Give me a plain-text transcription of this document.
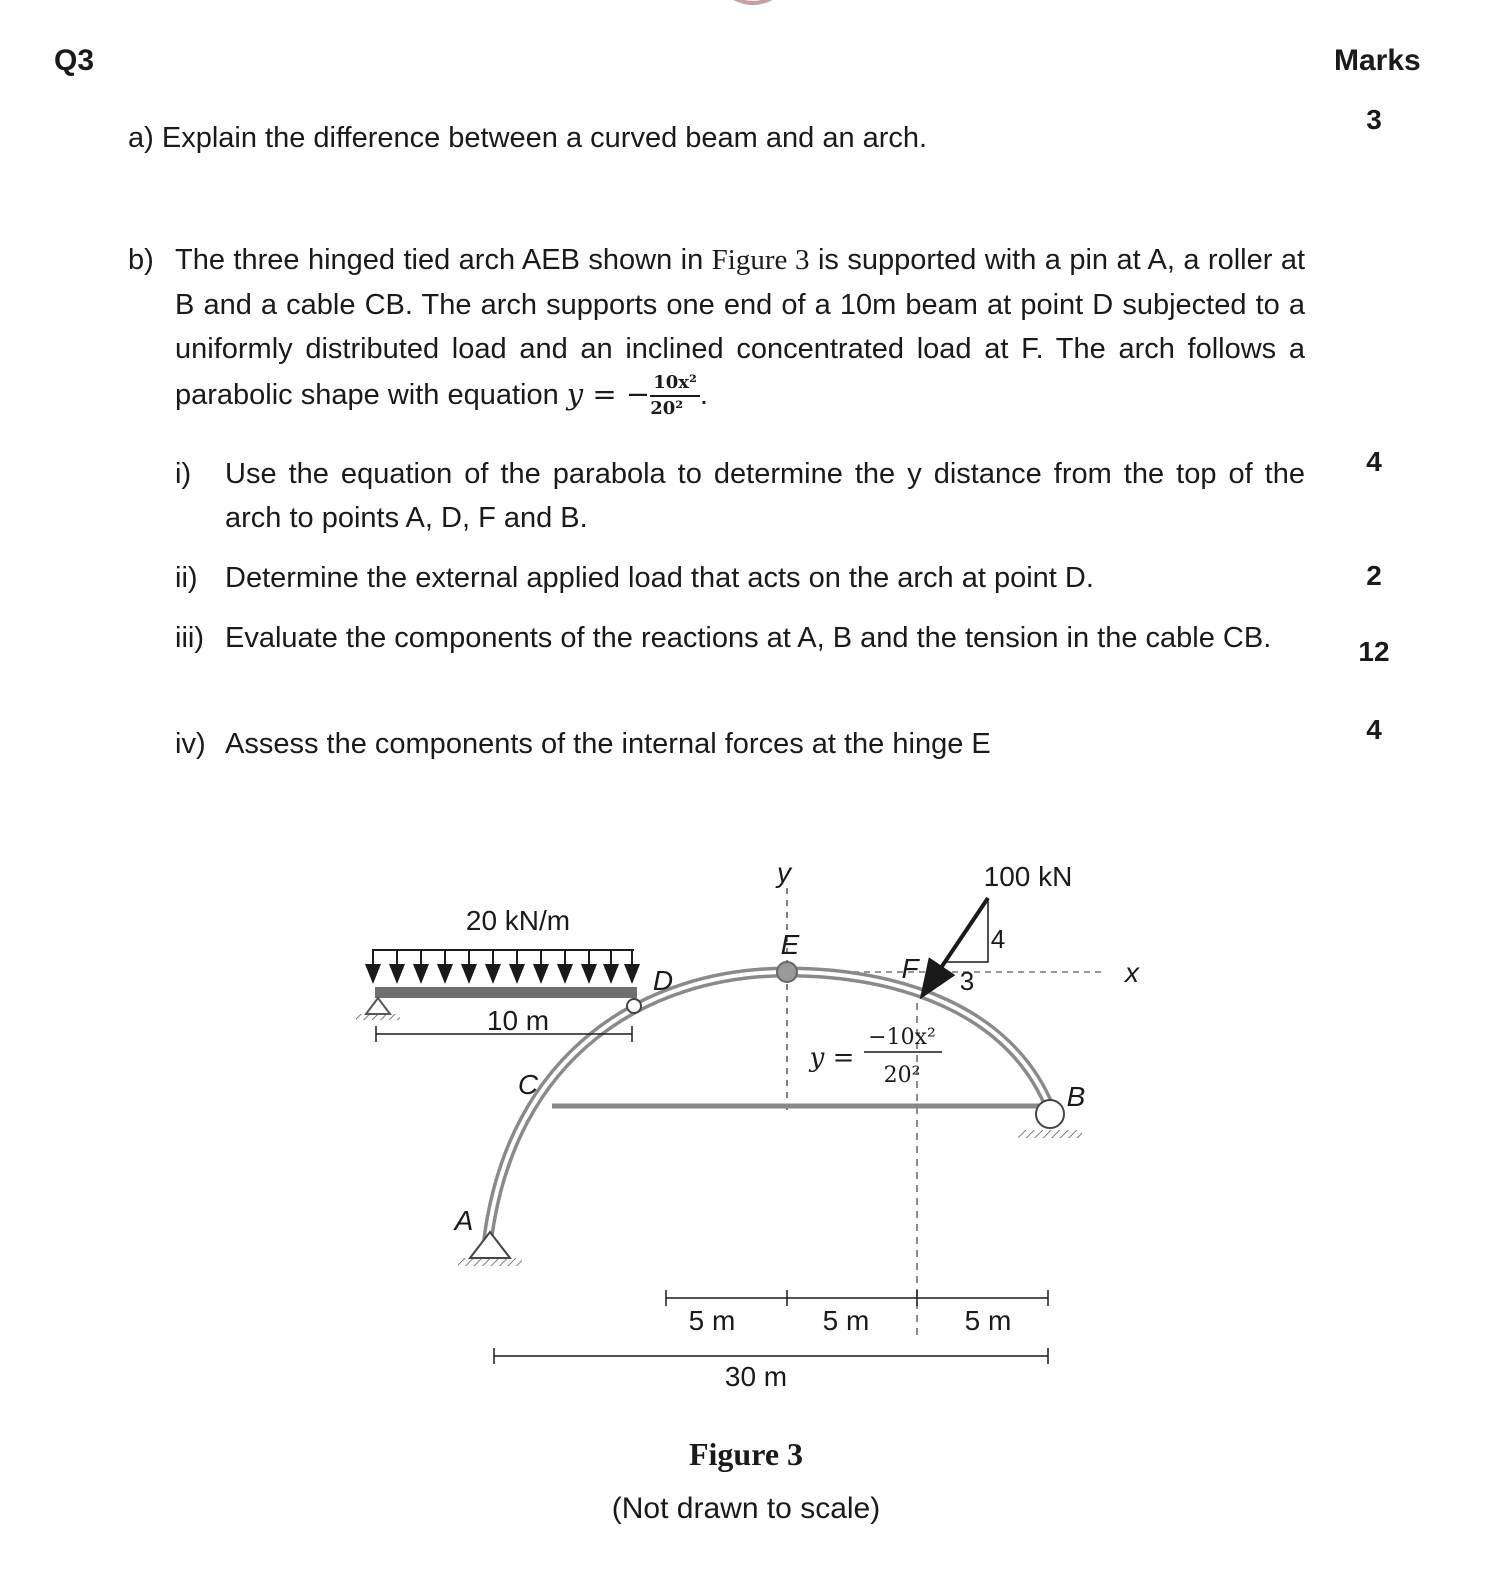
Q3	Marks
a) Explain the difference between a curved beam and an arch.
3
b) The three hinged tied arch AEB shown in Figure 3 is supported with a pin at A, a roller at B and a cable CB. The arch supports one end of a 10m beam at point D subjected to a uniformly distributed load and an inclined concentrated load at F. The arch follows a parabolic shape with equation y = − $\frac{\text{10x²}}{\text{20²}}$ .
i) Use the equation of the parabola to determine the y distance from the top of the arch to points A, D, F and B.
4
ii) Determine the external applied load that acts on the arch at point D.	2
iii) Evaluate the components of the reactions at A, B and the tension in the cable CB.	12
iv) Assess the components of the internal forces at the hinge E	4
20 kN/m
10 m
100 kN
4
3
y
x
A
B
C
D
E
F
y =
−10x²
20²
5 m	5 m	5 m
30 m
Figure 3
(Not drawn to scale)
